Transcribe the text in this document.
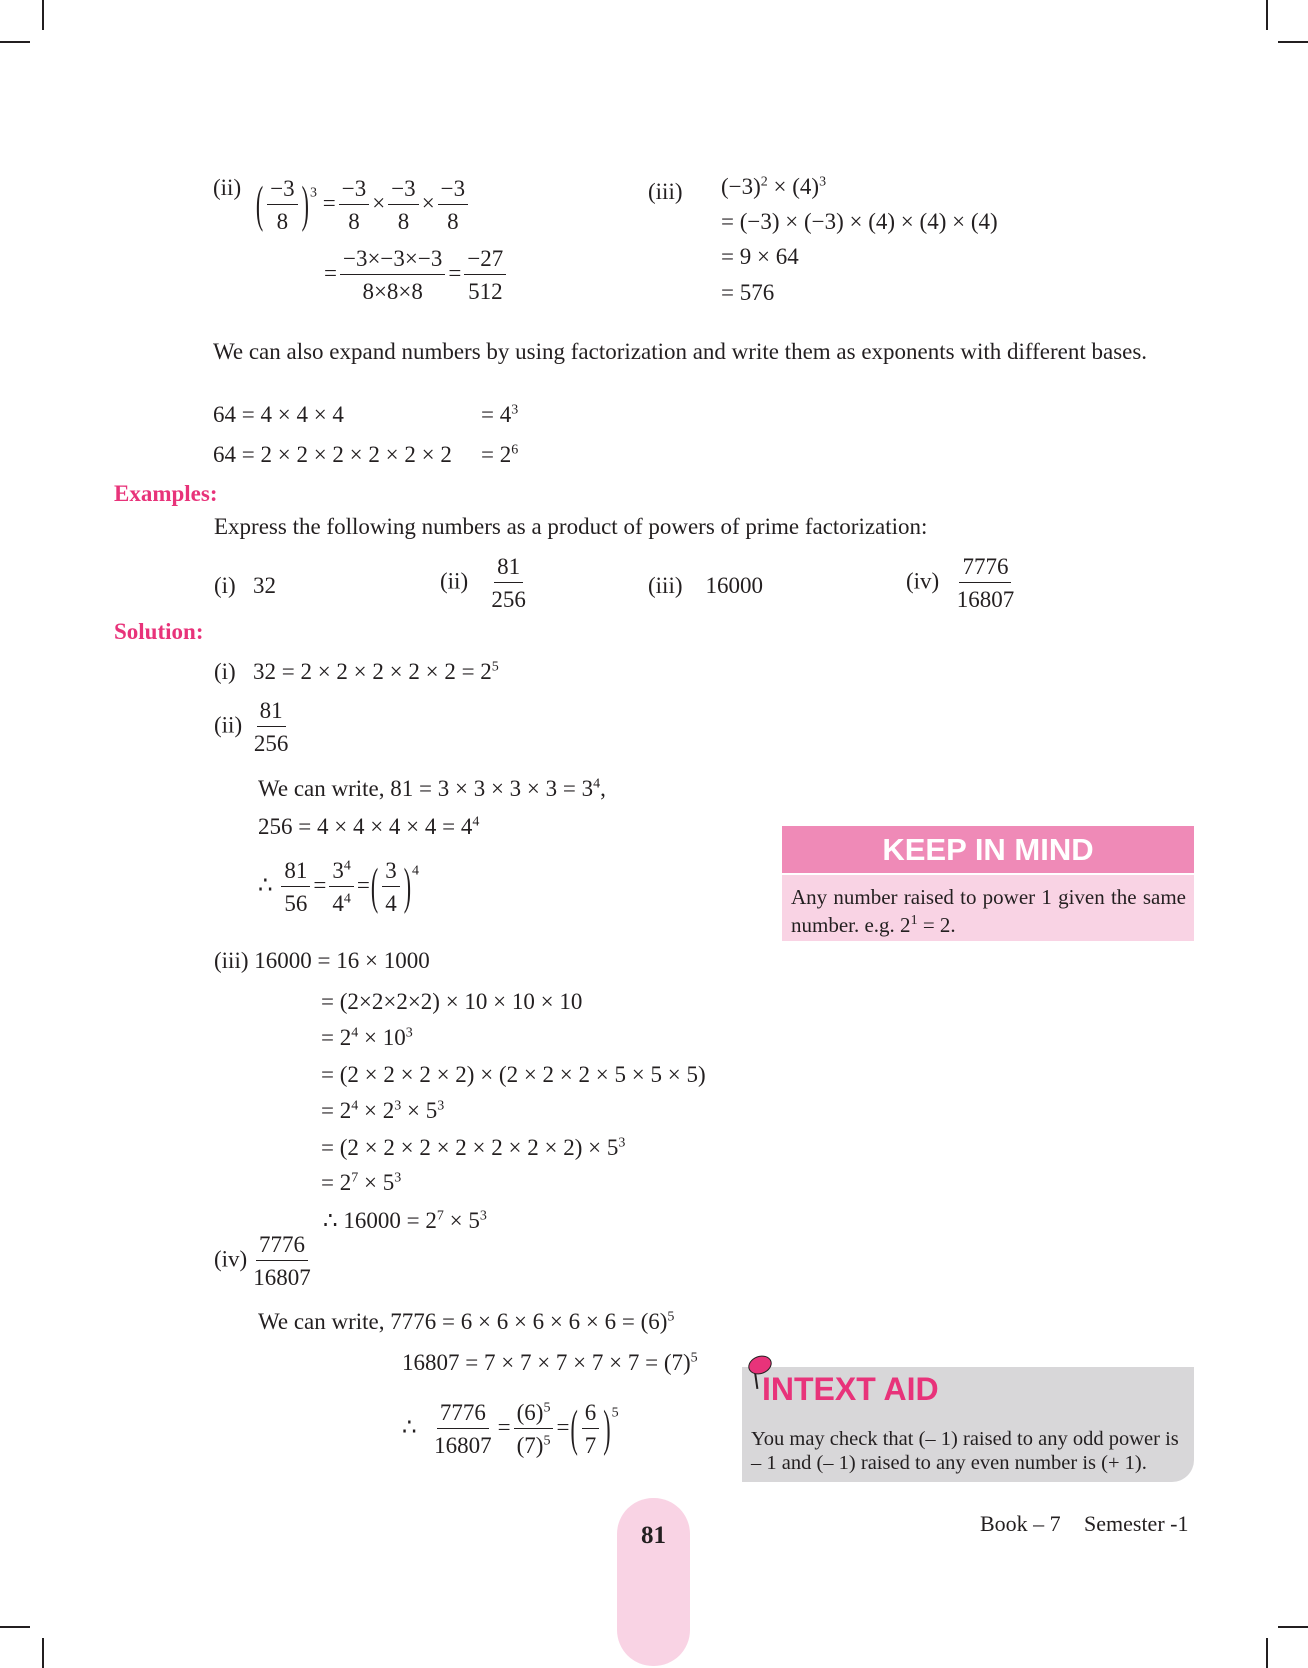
(ii) ( $\frac{-3}{8} )^3 = \frac{-3}{8} \times \frac{-3}{8} \times \frac{-3}{8}$
= $\frac{-3\times-3\times-3}{8\times 8\times 8} = \frac{-27}{512}$
(iii) $(-3)^2 \times (4)^3$
= (−3) × (−3) × (4) × (4) × (4)
= 9 × 64
= 576
We can also expand numbers by using factorization and write them as exponents with different bases.
64 = 4 × 4 × 4	= $4^3$
$64 = 2 \times 2 \times 2 \times 2 \times 2 \times 2 = 2^6$
Examples:
Express the following numbers as a product of powers of prime factorization:
(i) 32	$(ii) \frac{81}{256}$	(iii) 16000	$(iv) \frac{7776}{16807}$
Solution:
(i) $32 = 2 \times 2 \times 2 \times 2 \times 2 = 2^5$
$(ii) \frac{81}{256}$
We can write, $81 = 3 \times 3 \times 3 \times 3 = 3^4$,
$256 = 4 \times 4 \times 4 \times 4 = 4^4$
∴ $\frac{81}{56} = \frac{3^4}{4^4}$ =( $\frac{3}{4} )^4$
(iii) 16000 = 16 × 1000
= (2×2×2×2) × 10 × 10 × 10
= $2^4 \times 10^3$
= (2 × 2 × 2 × 2) × (2 × 2 × 2 × 5 × 5 × 5)
= $2^4 \times 2^3 \times 5^3$
= $(2 \times 2 \times 2 \times 2 \times 2 \times 2 \times 2) \times 5^3$
= $2^7 \times 5^3$
∴ $16000 = 2^7 \times 5^3$
$(iv) \frac{7776}{16807}$
We can write, $7776 = 6 \times 6 \times 6 \times 6 \times 6 = (6)^5$
$16807 = 7 \times 7 \times 7 \times 7 \times 7 = (7)^5$
∴ $\frac{7776}{16807} = \frac{(6)^5}{(7)^5}$ =( $\frac{6}{7} )^5$
KEEP IN MIND
Any number raised to power 1 given the same number. e.g. $2^1 = 2$.
INTEXT AID
You may check that (– 1) raised to any odd power is – 1 and (– 1) raised to any even number is (+ 1).
81	Book – 7 Semester -1
